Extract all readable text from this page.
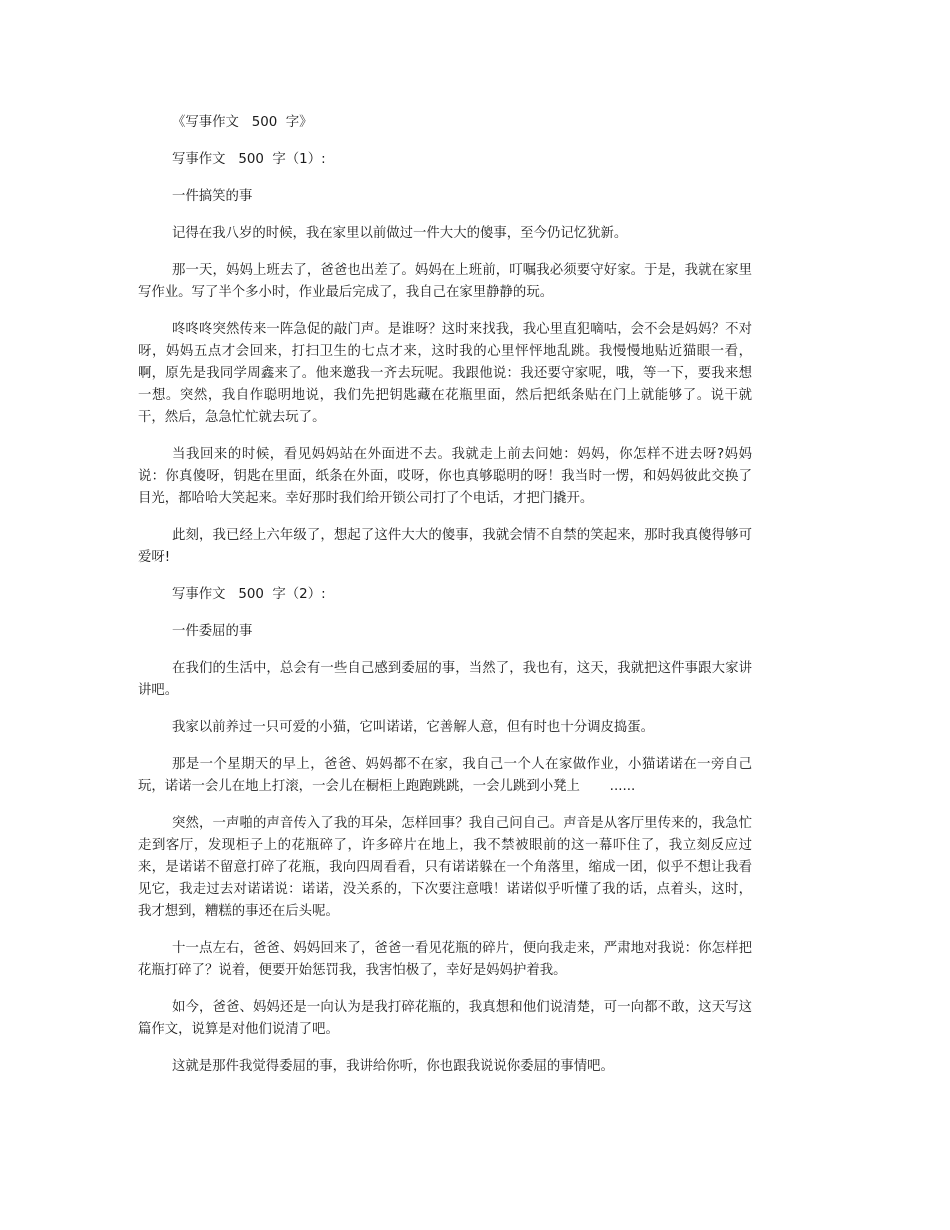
《写事作文   500  字》

写事作文   500  字（1）:

一件搞笑的事

记得在我八岁的时候，我在家里以前做过一件大大的傻事，至今仍记忆犹新。

那一天，妈妈上班去了，爸爸也出差了。妈妈在上班前，叮嘱我必须要守好家。于是，我就在家里写作业。写了半个多小时，作业最后完成了，我自己在家里静静的玩。

咚咚咚突然传来一阵急促的敲门声。是谁呀？这时来找我，我心里直犯嘀咕，会不会是妈妈？不对呀，妈妈五点才会回来，打扫卫生的七点才来，这时我的心里怦怦地乱跳。我慢慢地贴近猫眼一看，啊，原先是我同学周鑫来了。他来邀我一齐去玩呢。我跟他说：我还要守家呢，哦，等一下，要我来想一想。突然，我自作聪明地说，我们先把钥匙藏在花瓶里面，然后把纸条贴在门上就能够了。说干就干，然后，急急忙忙就去玩了。

当我回来的时候，看见妈妈站在外面进不去。我就走上前去问她：妈妈，你怎样不进去呀?妈妈说：你真傻呀，钥匙在里面，纸条在外面，哎呀，你也真够聪明的呀！我当时一愣，和妈妈彼此交换了目光，都哈哈大笑起来。幸好那时我们给开锁公司打了个电话，才把门撬开。

此刻，我已经上六年级了，想起了这件大大的傻事，我就会情不自禁的笑起来，那时我真傻得够可爱呀!

写事作文   500  字（2）:

一件委屈的事

在我们的生活中，总会有一些自己感到委屈的事，当然了，我也有，这天，我就把这件事跟大家讲讲吧。

我家以前养过一只可爱的小猫，它叫诺诺，它善解人意，但有时也十分调皮捣蛋。

那是一个星期天的早上，爸爸、妈妈都不在家，我自己一个人在家做作业，小猫诺诺在一旁自己玩，诺诺一会儿在地上打滚，一会儿在橱柜上跑跑跳跳，一会儿跳到小凳上       ......

突然，一声啪的声音传入了我的耳朵，怎样回事？我自己问自己。声音是从客厅里传来的，我急忙走到客厅，发现柜子上的花瓶碎了，许多碎片在地上，我不禁被眼前的这一幕吓住了，我立刻反应过来，是诺诺不留意打碎了花瓶，我向四周看看，只有诺诺躲在一个角落里，缩成一团，似乎不想让我看见它，我走过去对诺诺说：诺诺，没关系的，下次要注意哦！诺诺似乎听懂了我的话，点着头，这时，我才想到，糟糕的事还在后头呢。

十一点左右，爸爸、妈妈回来了，爸爸一看见花瓶的碎片，便向我走来，严肃地对我说：你怎样把花瓶打碎了？说着，便要开始惩罚我，我害怕极了，幸好是妈妈护着我。

如今，爸爸、妈妈还是一向认为是我打碎花瓶的，我真想和他们说清楚，可一向都不敢，这天写这篇作文，说算是对他们说清了吧。

这就是那件我觉得委屈的事，我讲给你听，你也跟我说说你委屈的事情吧。
